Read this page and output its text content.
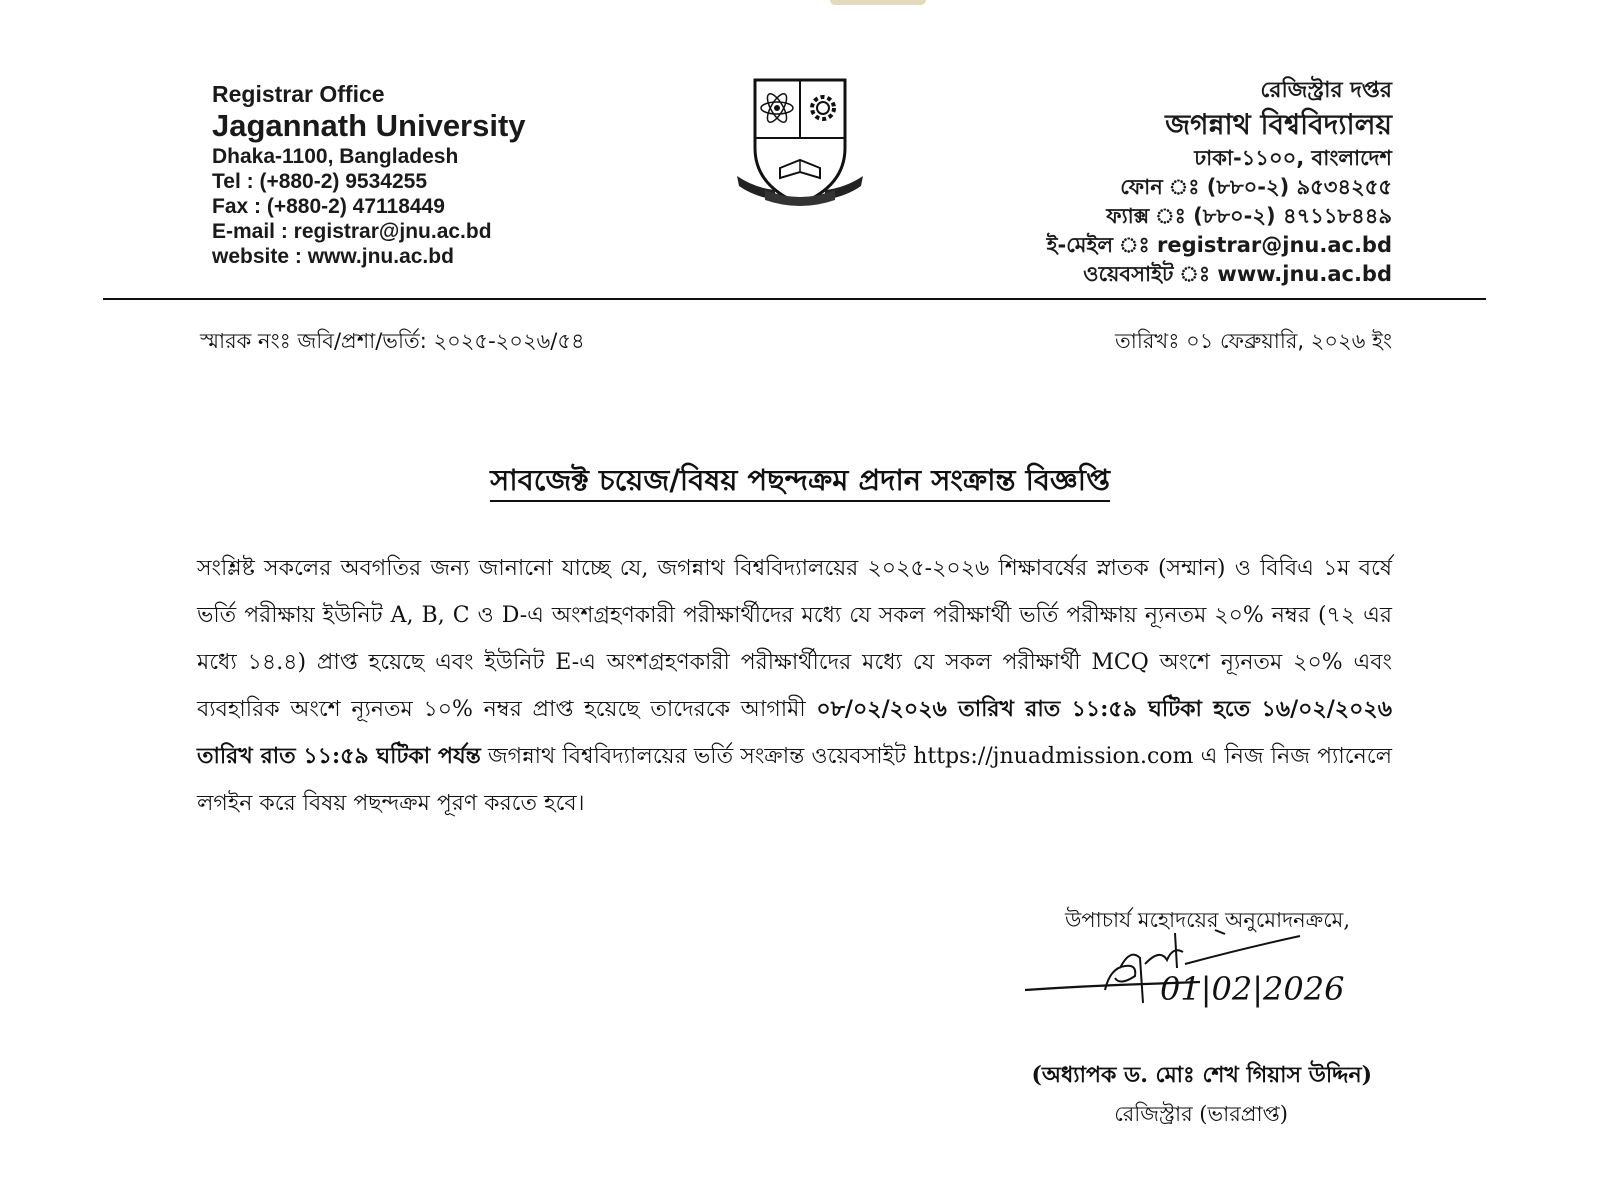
Registrar Office
Jagannath University
Dhaka-1100, Bangladesh
Tel : (+880-2) 9534255
Fax : (+880-2) 47118449
E-mail : registrar@jnu.ac.bd
website : www.jnu.ac.bd
রেজিস্ট্রার দপ্তর
জগন্নাথ বিশ্ববিদ্যালয়
ঢাকা-১১০০, বাংলাদেশ
ফোন ঃ (৮৮০-২) ৯৫৩৪২৫৫
ফ্যাক্স ঃ (৮৮০-২) ৪৭১১৮৪৪৯
ই-মেইল ঃ registrar@jnu.ac.bd
ওয়েবসাইট ঃ www.jnu.ac.bd
স্মারক নংঃ জবি/প্রশা/ভর্তি: ২০২৫-২০২৬/৫৪	তারিখঃ ০১ ফেব্রুয়ারি, ২০২৬ ইং
সাবজেক্ট চয়েজ/বিষয় পছন্দক্রম প্রদান সংক্রান্ত বিজ্ঞপ্তি
সংশ্লিষ্ট সকলের অবগতির জন্য জানানো যাচ্ছে যে, জগন্নাথ বিশ্ববিদ্যালয়ের ২০২৫-২০২৬ শিক্ষাবর্ষের স্নাতক (সম্মান) ও বিবিএ ১ম বর্ষে ভর্তি পরীক্ষায় ইউনিট A, B, C ও D-এ অংশগ্রহণকারী পরীক্ষার্থীদের মধ্যে যে সকল পরীক্ষার্থী ভর্তি পরীক্ষায় ন্যূনতম ২০% নম্বর (৭২ এর মধ্যে ১৪.৪) প্রাপ্ত হয়েছে এবং ইউনিট E-এ অংশগ্রহণকারী পরীক্ষার্থীদের মধ্যে যে সকল পরীক্ষার্থী MCQ অংশে ন্যূনতম ২০% এবং ব্যবহারিক অংশে ন্যূনতম ১০% নম্বর প্রাপ্ত হয়েছে তাদেরকে আগামী ০৮/০২/২০২৬ তারিখ রাত ১১:৫৯ ঘটিকা হতে ১৬/০২/২০২৬ তারিখ রাত ১১:৫৯ ঘটিকা পর্যন্ত জগন্নাথ বিশ্ববিদ্যালয়ের ভর্তি সংক্রান্ত ওয়েবসাইট https://jnuadmission.com এ নিজ নিজ প্যানেলে লগইন করে বিষয় পছন্দক্রম পূরণ করতে হবে।
উপাচার্য মহোদয়ের অনুমোদনক্রমে,
01|02|2026
(অধ্যাপক ড. মোঃ শেখ গিয়াস উদ্দিন)
রেজিস্ট্রার (ভারপ্রাপ্ত)
